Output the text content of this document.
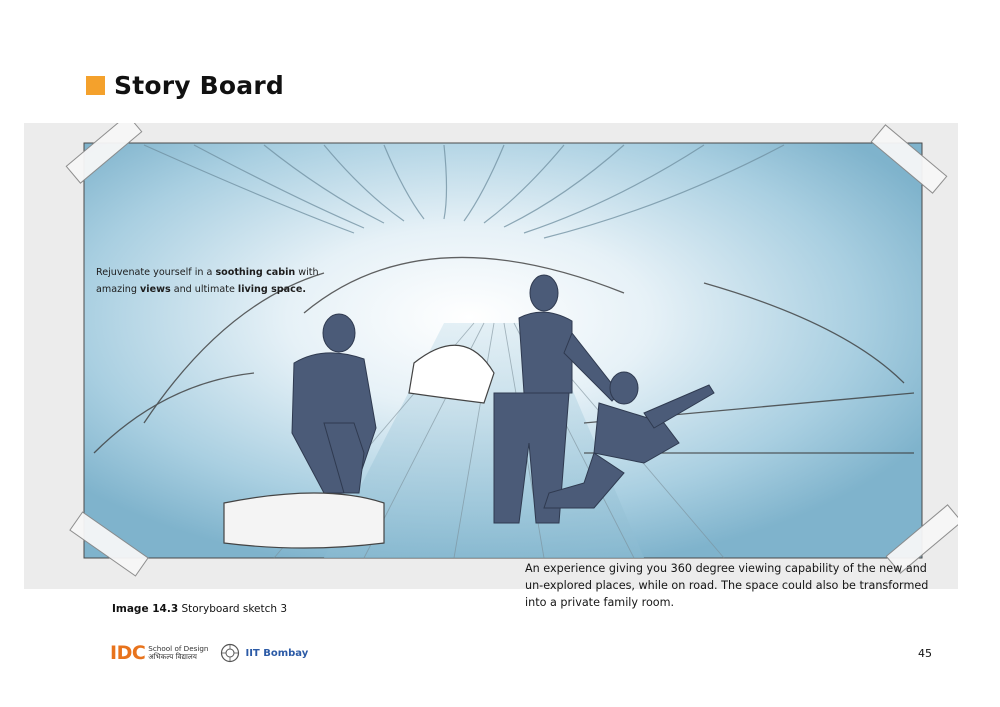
Story Board
Rejuvenate yourself in a soothing cabin with amazing views and ultimate living space.
An experience giving you 360 degree viewing capability of the new and un-explored places, while on road. The space could also be transformed into a private family room.
Image 14.3 Storyboard sketch 3
IDC School of Design
अभिकल्प विद्यालय	IIT Bombay	45
